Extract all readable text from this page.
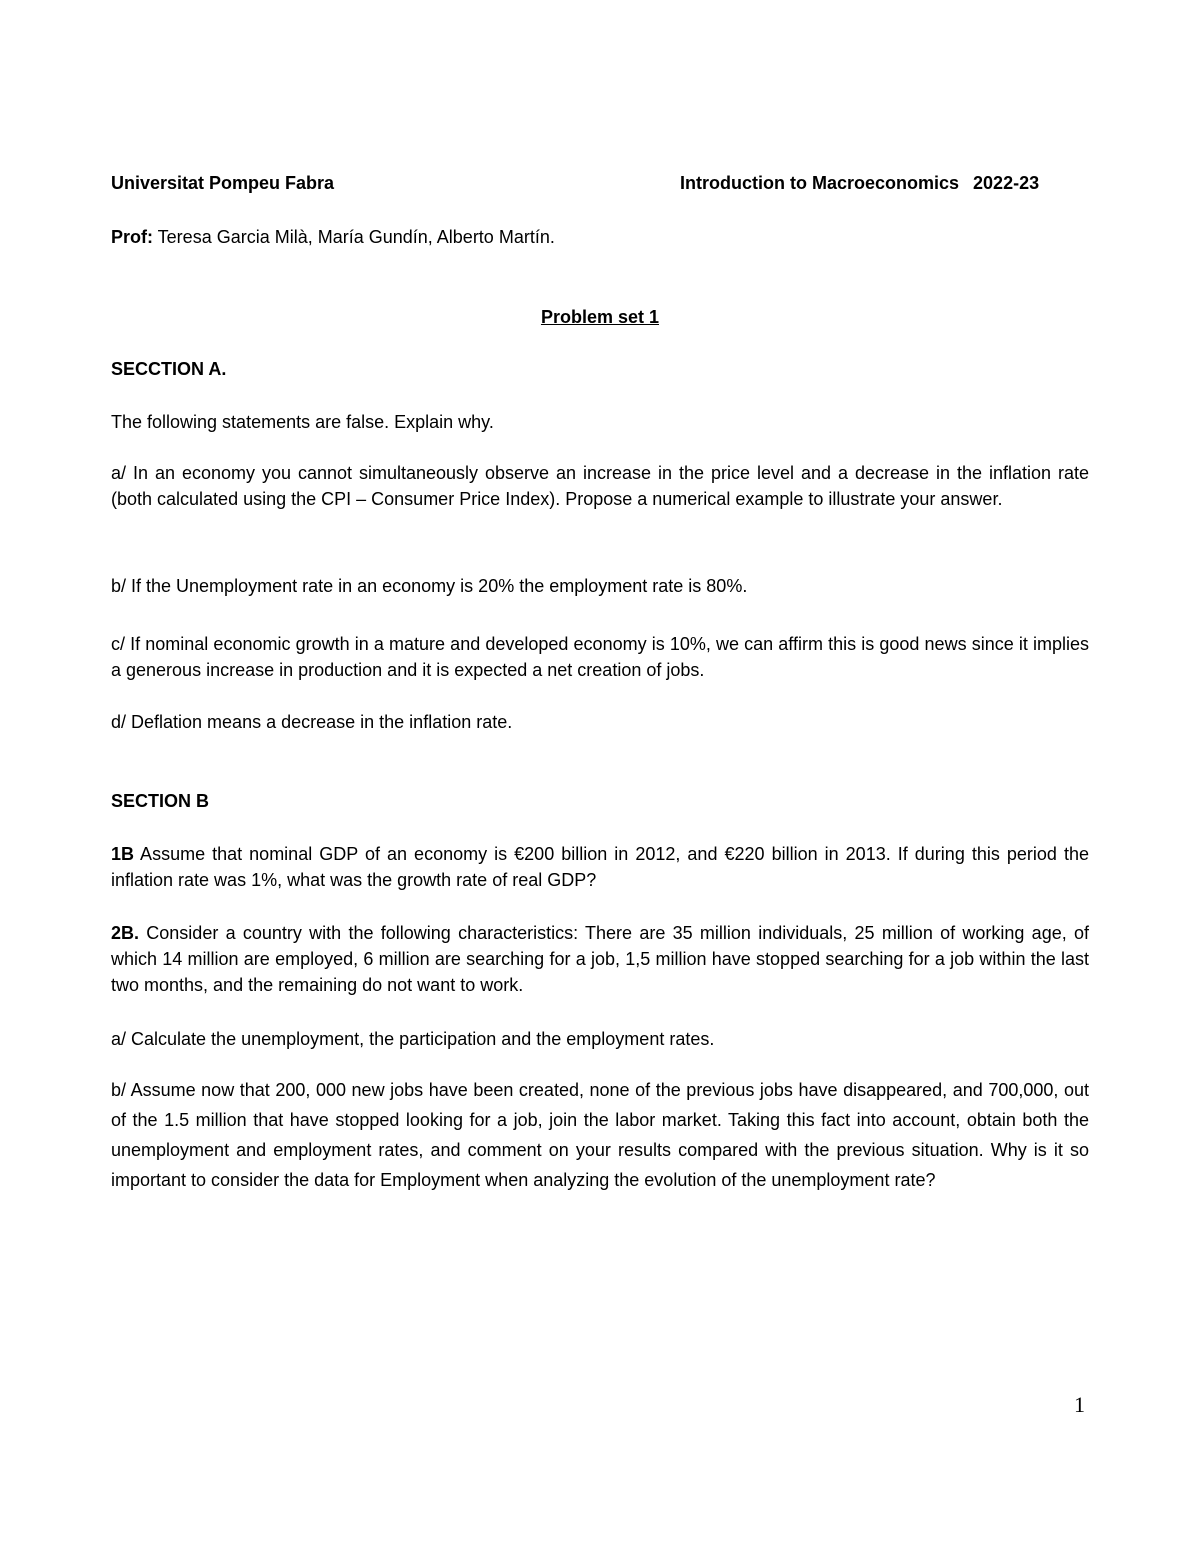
Universitat Pompeu Fabra	Introduction to Macroeconomics 2022-23
Prof: Teresa Garcia Milà, María Gundín, Alberto Martín.
Problem set 1
SECCTION A.
The following statements are false. Explain why.
a/ In an economy you cannot simultaneously observe an increase in the price level and a decrease in the inflation rate (both calculated using the CPI – Consumer Price Index). Propose a numerical example to illustrate your answer.
b/ If the Unemployment rate in an economy is 20% the employment rate is 80%.
c/ If nominal economic growth in a mature and developed economy is 10%, we can affirm this is good news since it implies a generous increase in production and it is expected a net creation of jobs.
d/ Deflation means a decrease in the inflation rate.
SECTION B
1B Assume that nominal GDP of an economy is €200 billion in 2012, and €220 billion in 2013. If during this period the inflation rate was 1%, what was the growth rate of real GDP?
2B. Consider a country with the following characteristics: There are 35 million individuals, 25 million of working age, of which 14 million are employed, 6 million are searching for a job, 1,5 million have stopped searching for a job within the last two months, and the remaining do not want to work.
a/ Calculate the unemployment, the participation and the employment rates.
b/ Assume now that 200, 000 new jobs have been created, none of the previous jobs have disappeared, and 700,000, out of the 1.5 million that have stopped looking for a job, join the labor market. Taking this fact into account, obtain both the unemployment and employment rates, and comment on your results compared with the previous situation. Why is it so important to consider the data for Employment when analyzing the evolution of the unemployment rate?
1
